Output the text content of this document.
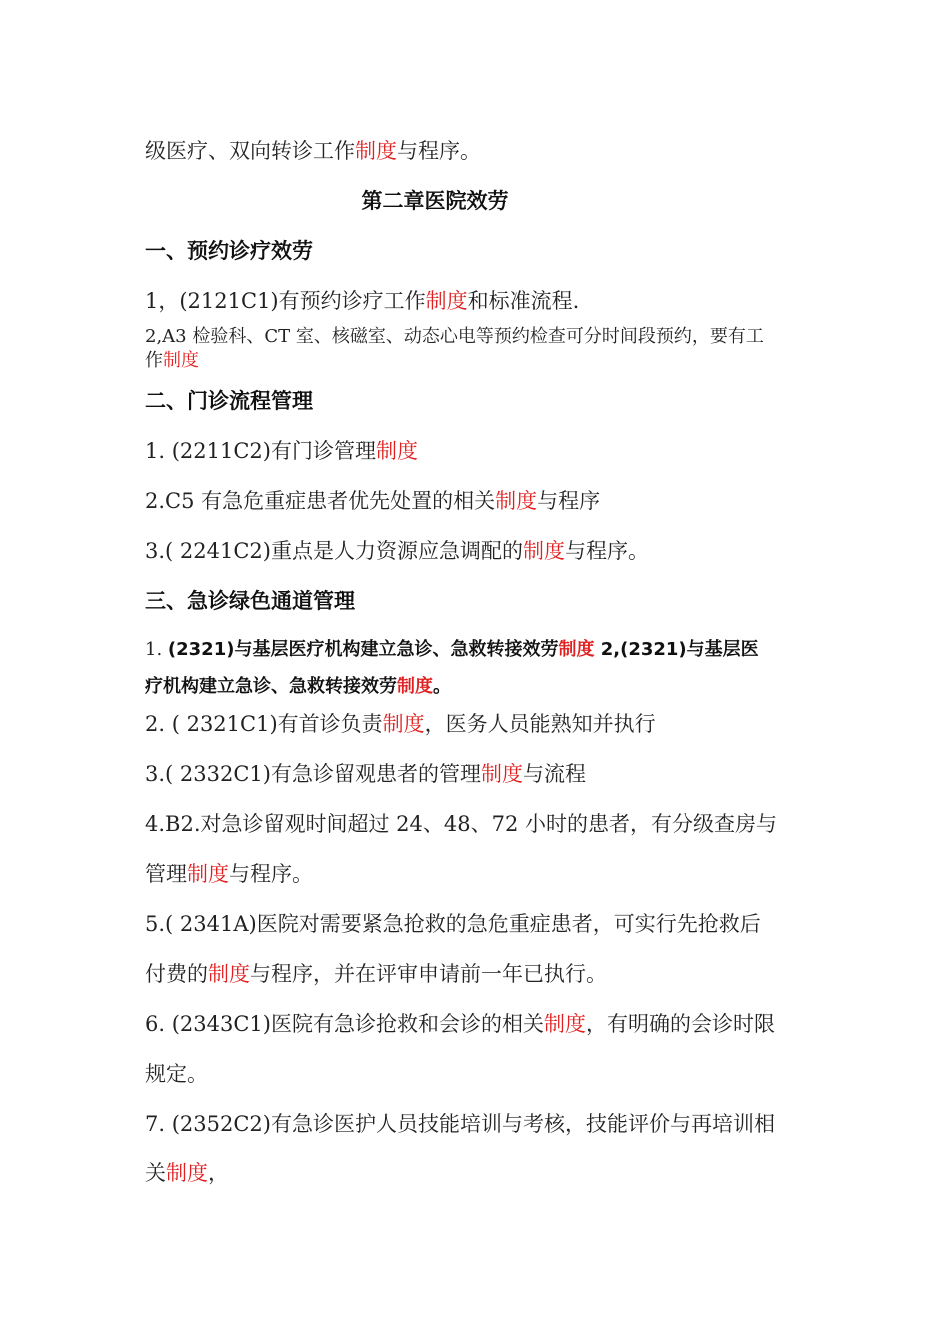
级医疗、双向转诊工作制度与程序。
第二章医院效劳
一、预约诊疗效劳
1，(2121C1)有预约诊疗工作制度和标准流程.
2,A3 检验科、CT 室、核磁室、动态心电等预约检查可分时间段预约，要有工
作制度
二、门诊流程管理
1. (2211C2)有门诊管理制度
2.C5 有急危重症患者优先处置的相关制度与程序
3.( 2241C2)重点是人力资源应急调配的制度与程序。
三、急诊绿色通道管理
1. (2321)与基层医疗机构建立急诊、急救转接效劳制度 2,(2321)与基层医
疗机构建立急诊、急救转接效劳制度。
2. ( 2321C1)有首诊负责制度，医务人员能熟知并执行
3.( 2332C1)有急诊留观患者的管理制度与流程
4.B2.对急诊留观时间超过 24、48、72 小时的患者，有分级查房与
管理制度与程序。
5.( 2341A)医院对需要紧急抢救的急危重症患者，可实行先抢救后
付费的制度与程序，并在评审申请前一年已执行。
6. (2343C1)医院有急诊抢救和会诊的相关制度，有明确的会诊时限
规定。
7. (2352C2)有急诊医护人员技能培训与考核，技能评价与再培训相
关制度，
